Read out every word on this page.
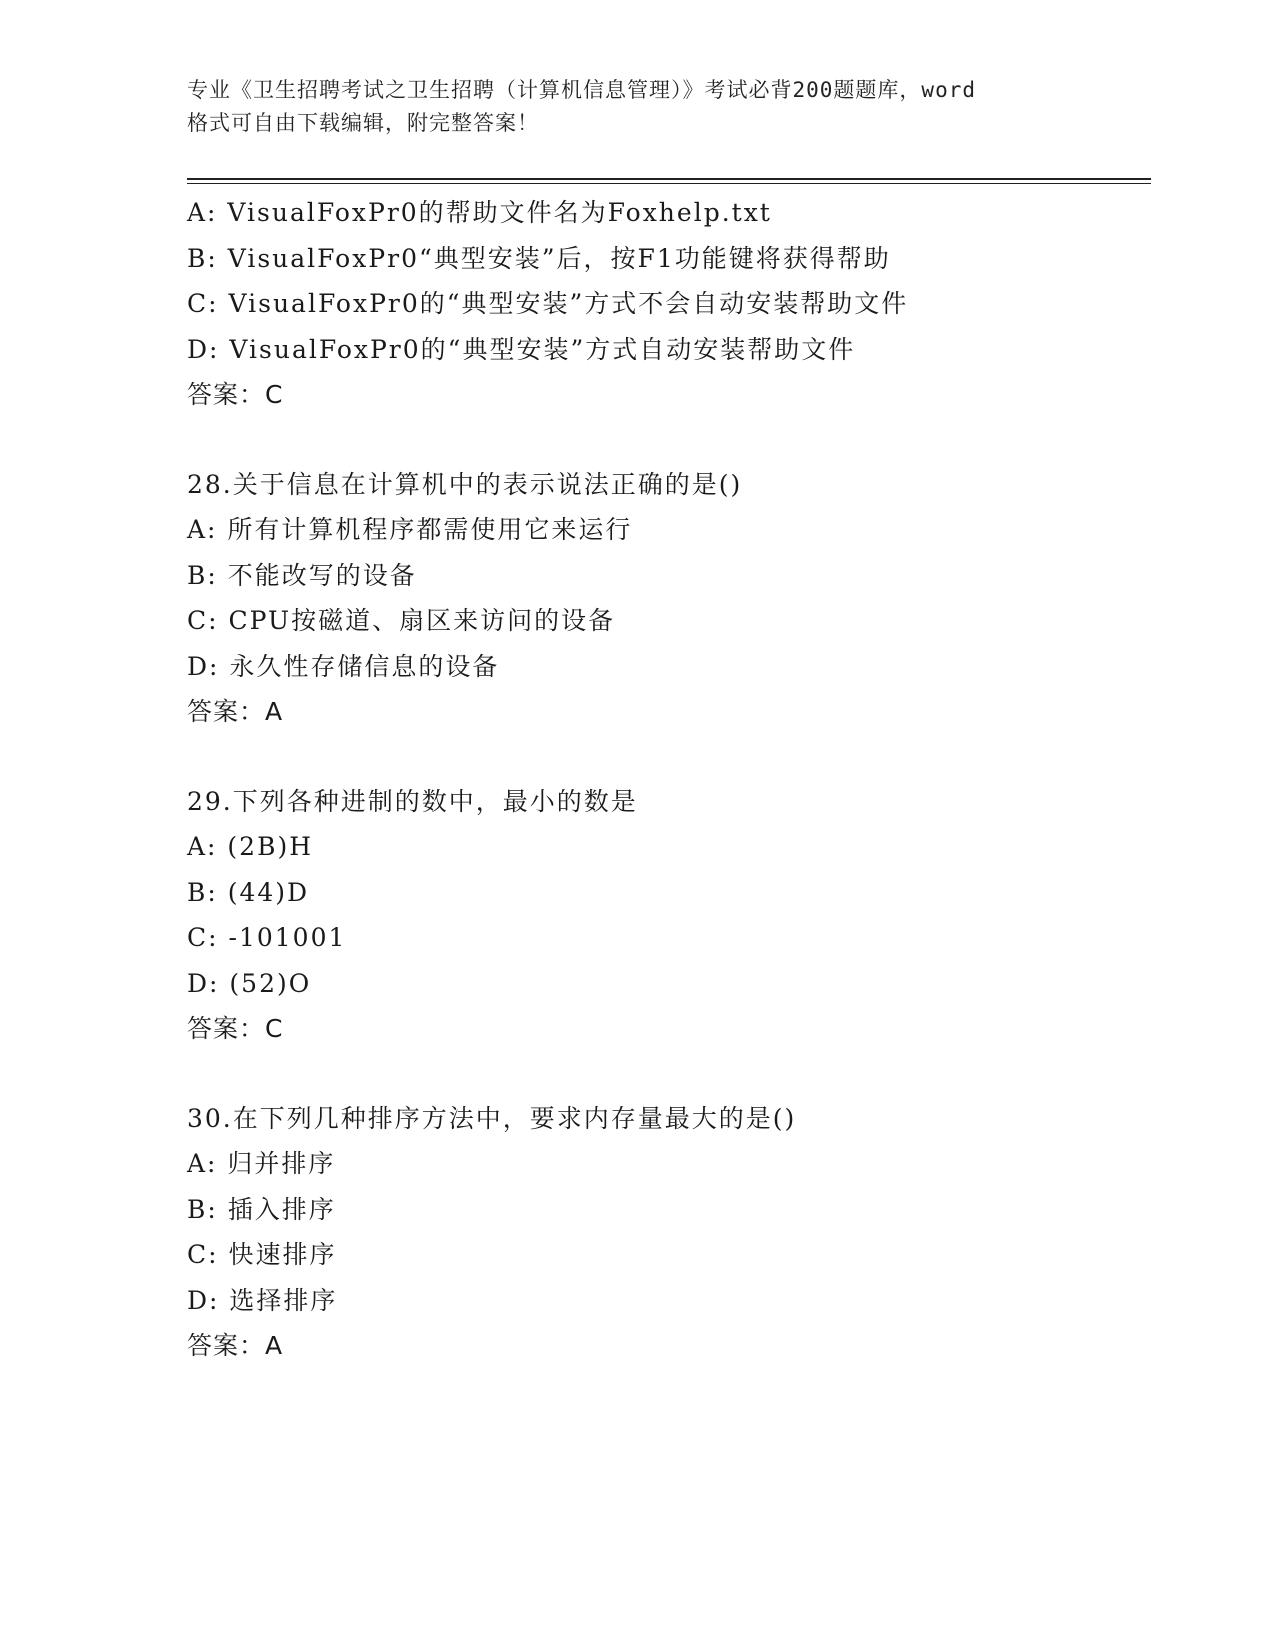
专业《卫生招聘考试之卫生招聘（计算机信息管理）》考试必背200题题库，word
格式可自由下载编辑，附完整答案！
A: VisualFoxPr0的帮助文件名为Foxhelp.txt
B: VisualFoxPr0“典型安装”后，按F1功能键将获得帮助
C: VisualFoxPr0的“典型安装”方式不会自动安装帮助文件
D: VisualFoxPr0的“典型安装”方式自动安装帮助文件
答案：C
28.关于信息在计算机中的表示说法正确的是()
A: 所有计算机程序都需使用它来运行
B: 不能改写的设备
C: CPU按磁道、扇区来访问的设备
D: 永久性存储信息的设备
答案：A
29.下列各种进制的数中，最小的数是
A: (2B)H
B: (44)D
C: -101001
D: (52)O
答案：C
30.在下列几种排序方法中，要求内存量最大的是()
A: 归并排序
B: 插入排序
C: 快速排序
D: 选择排序
答案：A
